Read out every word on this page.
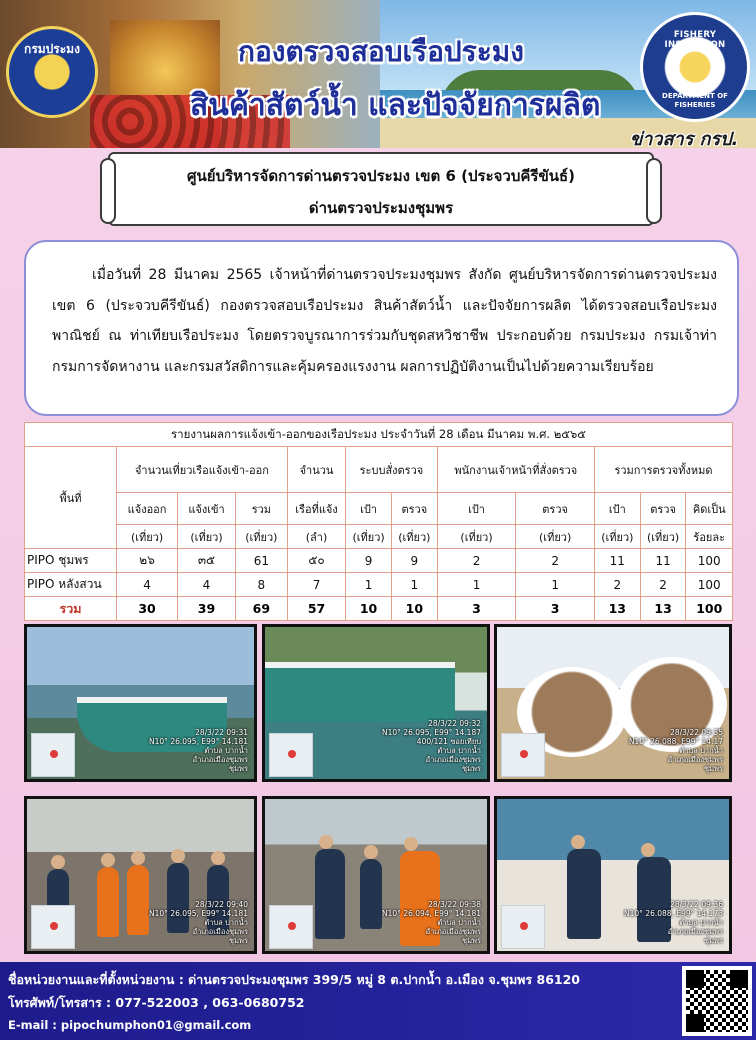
กรมประมง
FISHERY INSPECTION
DEPARTMENT OF FISHERIES
กองตรวจสอบเรือประมง
สินค้าสัตว์น้ำ และปัจจัยการผลิต
ข่าวสาร กรป.
ศูนย์บริหารจัดการด่านตรวจประมง เขต 6 (ประจวบคีรีขันธ์)
ด่านตรวจประมงชุมพร

เมื่อวันที่ 28 มีนาคม 2565 เจ้าหน้าที่ด่านตรวจประมงชุมพร สังกัด ศูนย์บริหารจัดการด่านตรวจประมงเขต 6 (ประจวบคีรีขันธ์) กองตรวจสอบเรือประมง สินค้าสัตว์น้ำ และปัจจัยการผลิต ได้ตรวจสอบเรือประมงพาณิชย์ ณ ท่าเทียบเรือประมง โดยตรวจบูรณาการร่วมกับชุดสหวิชาชีพ ประกอบด้วย กรมประมง กรมเจ้าท่า กรมการจัดหางาน และกรมสวัสดิการและคุ้มครองแรงงาน ผลการปฏิบัติงานเป็นไปด้วยความเรียบร้อย

รายงานผลการแจ้งเข้า-ออกของเรือประมง ประจำวันที่ 28 เดือน มีนาคม พ.ศ. ๒๕๖๕											
พื้นที่	จำนวนเที่ยวเรือแจ้งเข้า-ออก			จำนวน	ระบบสั่งตรวจ		พนักงานเจ้าหน้าที่สั่งตรวจ		รวมการตรวจทั้งหมด		
	แจ้งออก	แจ้งเข้า	รวม	เรือที่แจ้ง	เป้า	ตรวจ	เป้า	ตรวจ	เป้า	ตรวจ	คิดเป็น
	(เที่ยว)	(เที่ยว)	(เที่ยว)	(ลำ)	(เที่ยว)	(เที่ยว)	(เที่ยว)	(เที่ยว)	(เที่ยว)	(เที่ยว)	ร้อยละ
PIPO ชุมพร	๒๖	๓๕	61	๕๐	9	9	2	2	11	11	100
PIPO หลังสวน	4	4	8	7	1	1	1	1	2	2	100
รวม	30	39	69	57	10	10	3	3	13	13	100
28/3/22 09:31
N10° 26.095, E99° 14.181
ตำบล ปากน้ำ
อำเภอเมืองชุมพร
ชุมพร
28/3/22 09:32
N10° 26.095, E99° 14.187
400/121 ซอยเทียบ
ตำบล ปากน้ำ
อำเภอเมืองชุมพร
ชุมพร
28/3/22 09:35
N10° 26.088, E99° 14.17
ตำบล ปากน้ำ
อำเภอเมืองชุมพร
ชุมพร
28/3/22 09:40
N10° 26.095, E99° 14.181
ตำบล ปากน้ำ
อำเภอเมืองชุมพร
ชุมพร
28/3/22 09:38
N10° 26.094, E99° 14.181
ตำบล ปากน้ำ
อำเภอเมืองชุมพร
ชุมพร
28/3/22 09:36
N10° 26.088, E99° 14.173
ตำบล ปากน้ำ
อำเภอเมืองชุมพร
ชุมพร
ชื่อหน่วยงานและที่ตั้งหน่วยงาน : ด่านตรวจประมงชุมพร 399/5 หมู่ 8 ต.ปากน้ำ อ.เมือง จ.ชุมพร 86120
โทรศัพท์/โทรสาร : 077-522003 , 063-0680752
E-mail : pipochumphon01@gmail.com
